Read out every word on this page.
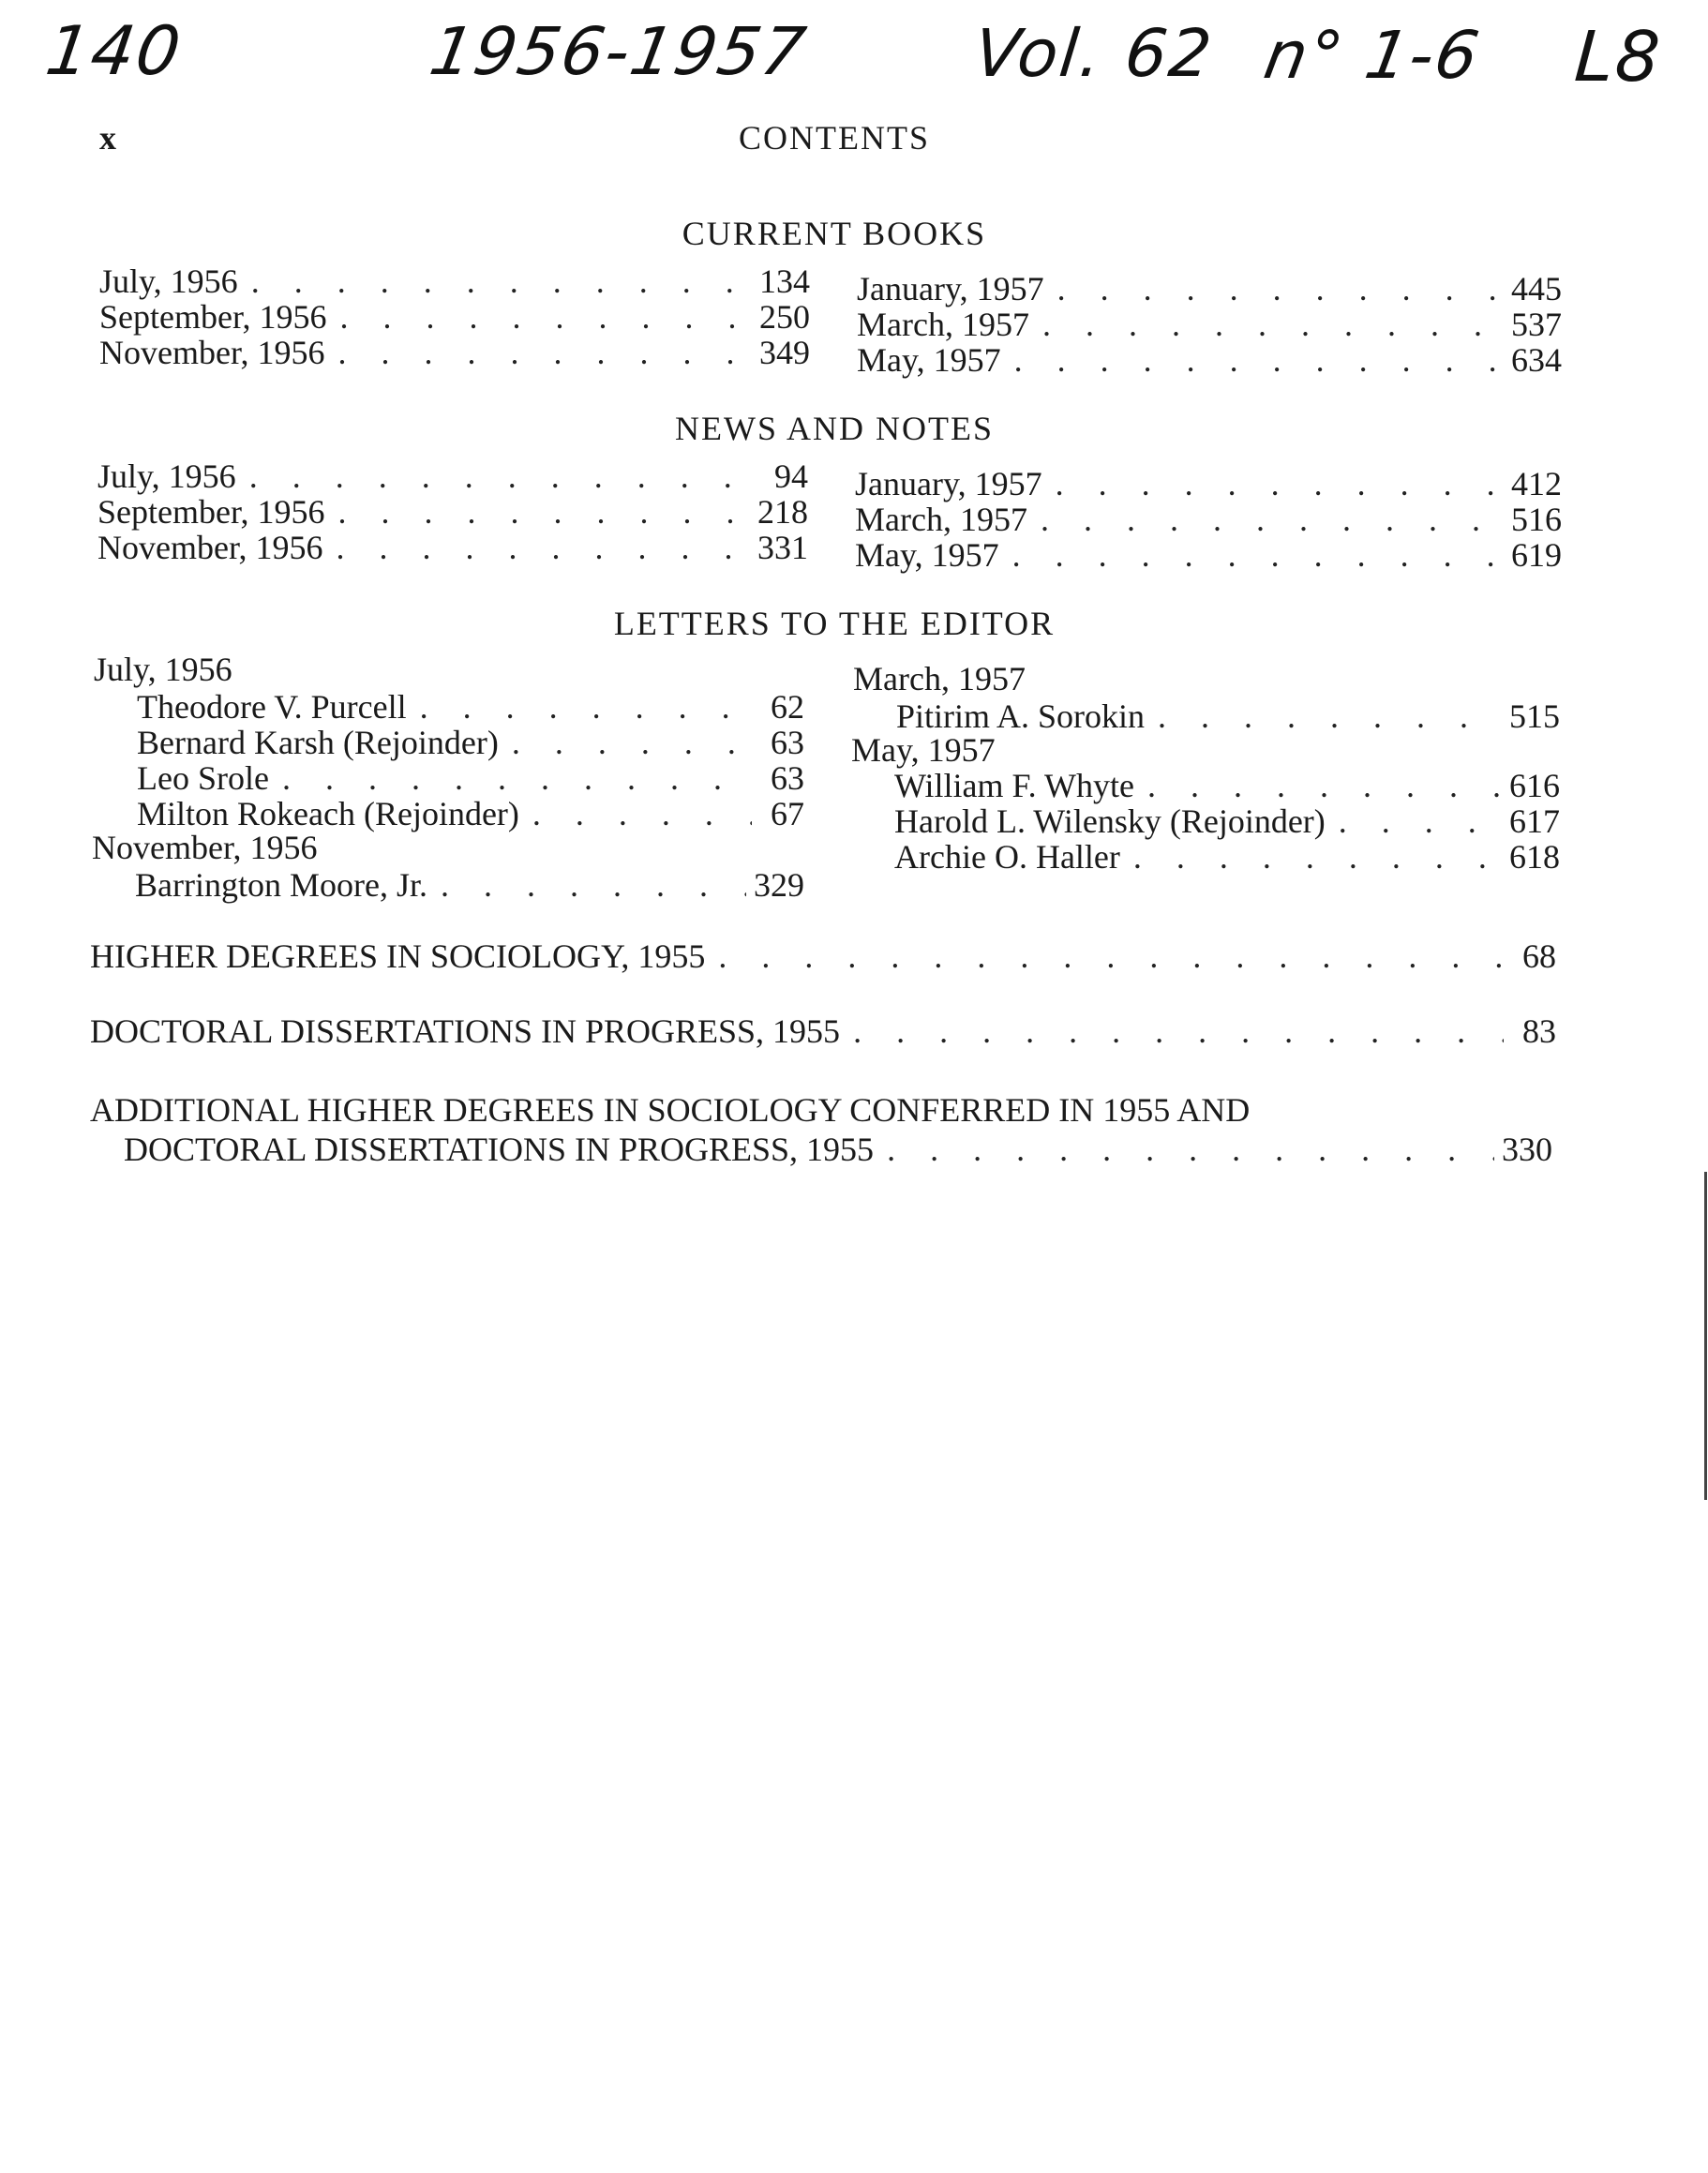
140	1956-1957 Vol. 62 n° 1-6 L8
x	CONTENTS
CURRENT BOOKS
July, 1956 . . .	134
September, 1956 . . .	250
November, 1956 . . .	349
January, 1957 . . .	445
March, 1957 . . .	537
May, 1957 . . .	634
NEWS AND NOTES
July, 1956 . . .	94
September, 1956 . . .	218
November, 1956 . . .	331
January, 1957 . . .	412
March, 1957 . . .	516
May, 1957 . . .	619
LETTERS TO THE EDITOR
July, 1956
Theodore V. Purcell . . .	62
Bernard Karsh (Rejoinder) . . .	63
Leo Srole . . .	63
Milton Rokeach (Rejoinder) . . .	67
November, 1956
Barrington Moore, Jr. . . .	329
March, 1957
Pitirim A. Sorokin . . .	515
May, 1957
William F. Whyte . . .	616
Harold L. Wilensky (Rejoinder) . . .	617
Archie O. Haller . . .	618
HIGHER DEGREES IN SOCIOLOGY, 1955 . . .	68
DOCTORAL DISSERTATIONS IN PROGRESS, 1955 . . .	83
ADDITIONAL HIGHER DEGREES IN SOCIOLOGY CONFERRED IN 1955 AND
DOCTORAL DISSERTATIONS IN PROGRESS, 1955 . . .	330
